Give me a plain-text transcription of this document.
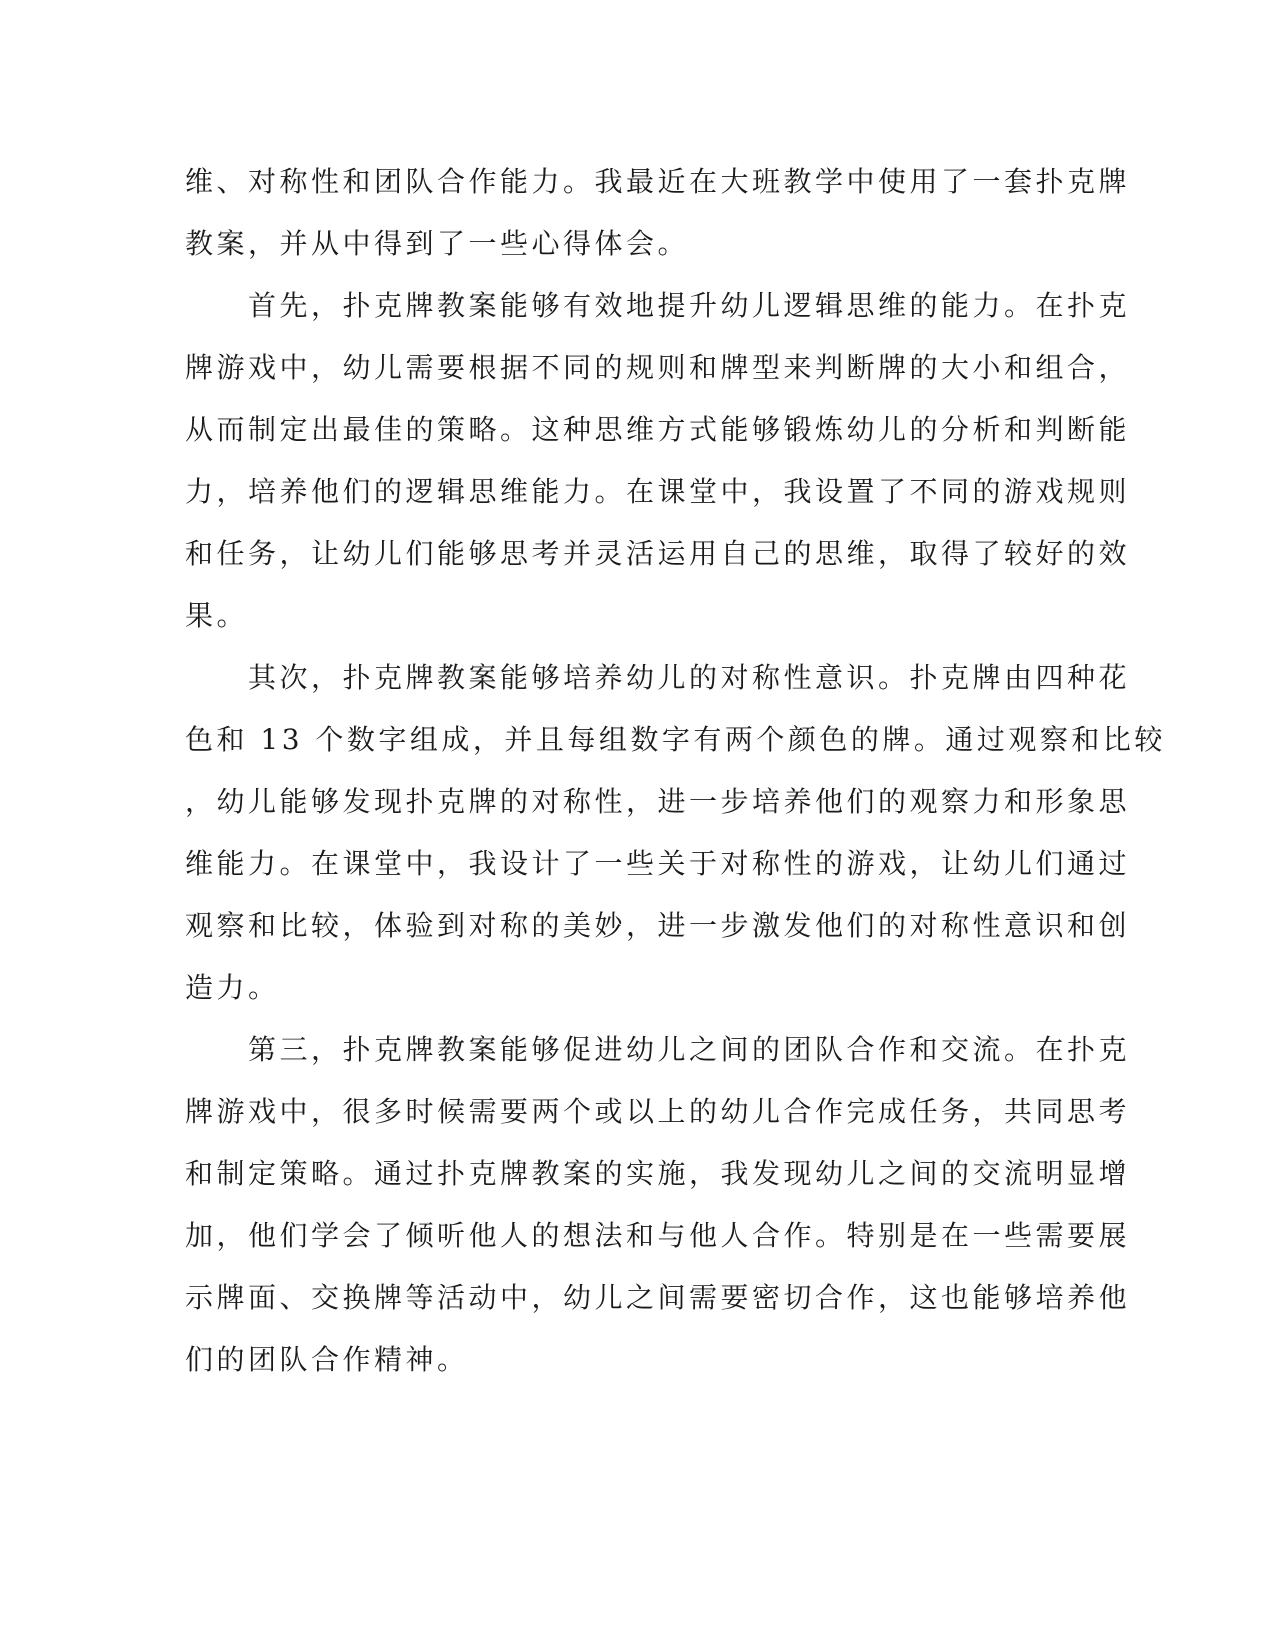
维、对称性和团队合作能力。我最近在大班教学中使用了一套扑克牌
教案，并从中得到了一些心得体会。
　　首先，扑克牌教案能够有效地提升幼儿逻辑思维的能力。在扑克
牌游戏中，幼儿需要根据不同的规则和牌型来判断牌的大小和组合，
从而制定出最佳的策略。这种思维方式能够锻炼幼儿的分析和判断能
力，培养他们的逻辑思维能力。在课堂中，我设置了不同的游戏规则
和任务，让幼儿们能够思考并灵活运用自己的思维，取得了较好的效
果。
　　其次，扑克牌教案能够培养幼儿的对称性意识。扑克牌由四种花
色和 13 个数字组成，并且每组数字有两个颜色的牌。通过观察和比较
，幼儿能够发现扑克牌的对称性，进一步培养他们的观察力和形象思
维能力。在课堂中，我设计了一些关于对称性的游戏，让幼儿们通过
观察和比较，体验到对称的美妙，进一步激发他们的对称性意识和创
造力。
　　第三，扑克牌教案能够促进幼儿之间的团队合作和交流。在扑克
牌游戏中，很多时候需要两个或以上的幼儿合作完成任务，共同思考
和制定策略。通过扑克牌教案的实施，我发现幼儿之间的交流明显增
加，他们学会了倾听他人的想法和与他人合作。特别是在一些需要展
示牌面、交换牌等活动中，幼儿之间需要密切合作，这也能够培养他
们的团队合作精神。
